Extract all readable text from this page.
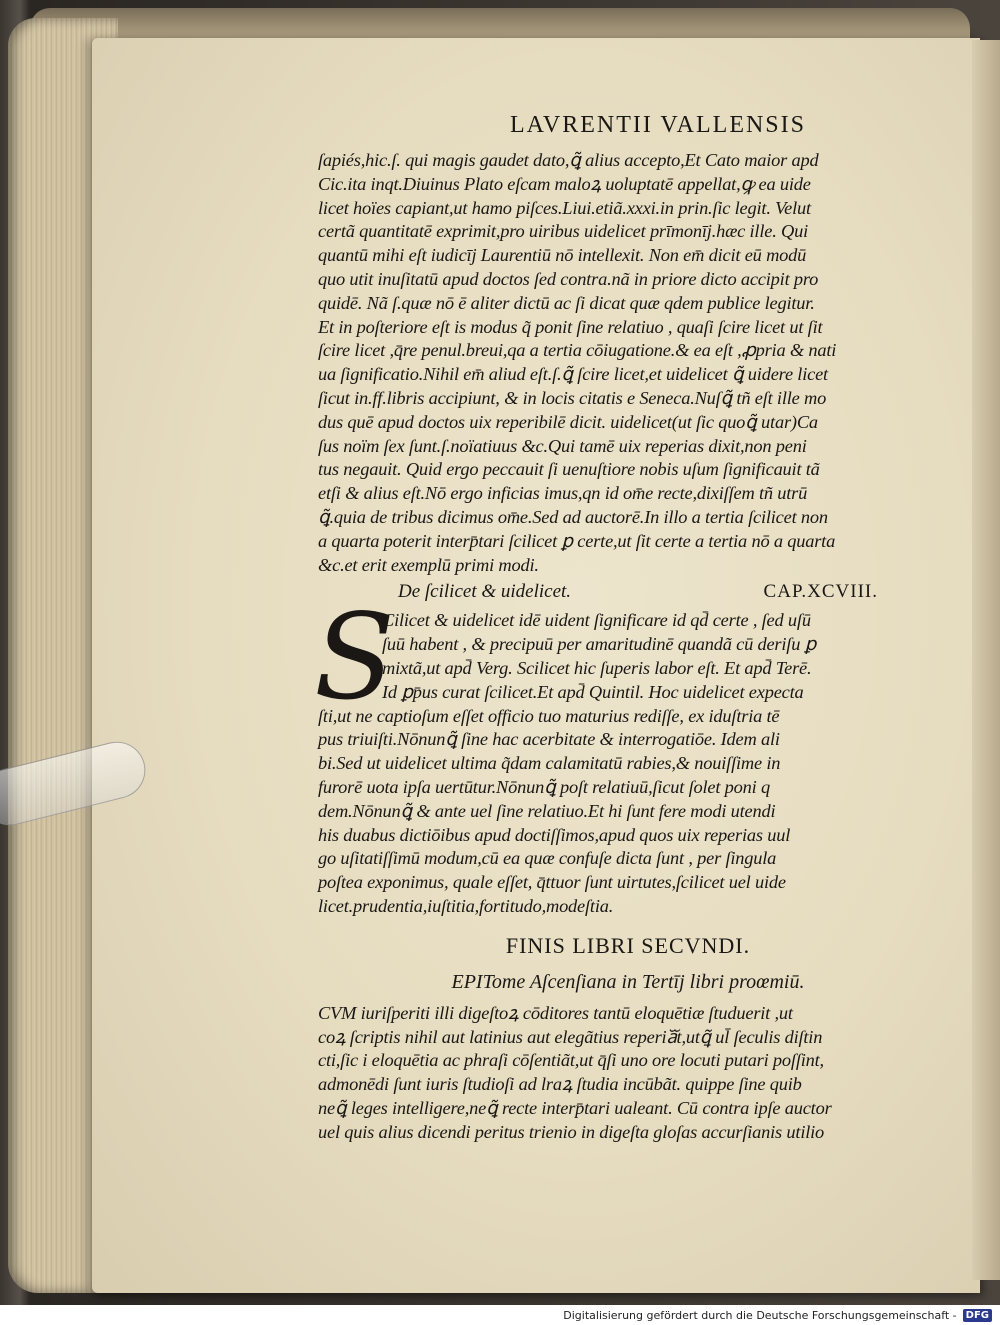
LAVRENTII VALLENSIS
ſapiés,hic.ſ. qui magis gaudet dato,ꝗ̃ alius accepto,Et Cato maior apd
Cic.ita inqt.Diuinus Plato eſcam maloꝝ uoluptatē appellat,ꝙ ea uide
licet hoïes capiant,ut hamo piſces.Liui.etiã.xxxi.in prin.ſic legit. Velut
certã quantitatē exprimit,pro uiribus uidelicet prīmonīj.hæc ille. Qui
quantū mihi eſt iudicīj Laurentiū nō intellexit. Non em̄ dicit eū modū
quo utit inuſitatū apud doctos ſed contra.nã in priore dicto accipit pro
quidē. Nã ſ.quæ nō ē aliter dictū ac ſi dicat quæ qdem publice legitur.
Et in poſteriore eſt is modus q̃ ponit ſine relatiuo , quaſi ſcire licet ut ſit
ſcire licet ,q̄re penul.breui,qa a tertia cōiugatione.& ea eſt ,ꝓpria & nati
ua ſignificatio.Nihil em̄ aliud eſt.ſ.ꝗ̃ ſcire licet,et uidelicet ꝗ̃ uidere licet
ſicut in.ff.libris accipiunt, & in locis citatis e Seneca.Nuſꝗ̃ tñ eſt ille mo
dus quē apud doctos uix reperibilē dicit. uidelicet(ut ſic quoꝗ̃ utar)Ca
ſus noïm ſex ſunt.ſ.noïatiuus &c.Qui tamē uix reperias dixit,non peni
tus negauit. Quid ergo peccauit ſi uenuſtiore nobis uſum ſignificauit tã
etſi & alius eſt.Nō ergo inficias imus,qn id om̄e recte,dixiſſem tñ utrū
ꝗ̃.quia de tribus dicimus om̄e.Sed ad auctorē.In illo a tertia ſcilicet non
a quarta poterit interp̄tari ſcilicet ꝑ certe,ut ſit certe a tertia nō a quarta
&c.et erit exemplū primi modi.
De ſcilicet & uidelicet.	CAP.XCVIII.
S
Cilicet & uidelicet idē uident ſignificare id qd̄ certe , ſed uſū
ſuū habent , & precipuū per amaritudinē quandã cū deriſu ꝑ
mixtã,ut apd̄ Verg. Scilicet hic ſuperis labor eſt. Et apd̄ Terē.
Id ꝑp̄us curat ſcilicet.Et apd̄ Quintil. Hoc uidelicet expecta
ſti,ut ne captioſum eſſet officio tuo maturius rediſſe, ex iduſtria tē
pus triuiſti.Nōnunꝗ̃ ſine hac acerbitate & interrogatiōe. Idem ali
bi.Sed ut uidelicet ultima q̃dam calamitatū rabies,& nouiſſime in
furorē uota ipſa uertūtur.Nōnunꝗ̃ poſt relatiuū,ſicut ſolet poni q
dem.Nōnunꝗ̃ & ante uel ſine relatiuo.Et hi ſunt fere modi utendi
his duabus dictiōibus apud doctiſſimos,apud quos uix reperias uul
go uſitatiſſimū modum,cū ea quæ confuſe dicta ſunt , per ſingula
poſtea exponimus, quale eſſet, q̄ttuor ſunt uirtutes,ſcilicet uel uide
licet.prudentia,iuſtitia,fortitudo,modeſtia.
FINIS LIBRI SECVNDI.
EPITome Aſcenſiana in Tertīj libri proœmiū.
CVM iuriſperiti illi digeſtoꝝ cōditores tantū eloquētiæ ſtuduerit ,ut
coꝝ ſcriptis nihil aut latinius aut elegãtius reperiaᷓt,utꝗ̃ ul̄ ſeculis diſtin
cti,ſic i eloquētia ac phraſi cōſentiãt,ut q̄ſi uno ore locuti putari poſſint,
admonēdi ſunt iuris ſtudioſi ad lraꝝ ſtudia incūbãt. quippe ſine quib
neꝗ̃ leges intelligere,neꝗ̃ recte interp̄tari ualeant. Cū contra ipſe auctor
uel quis alius dicendi peritus trienio in digeſta gloſas accurſianis utilio
Digitalisierung gefördert durch die Deutsche Forschungsgemeinschaft - DFG
